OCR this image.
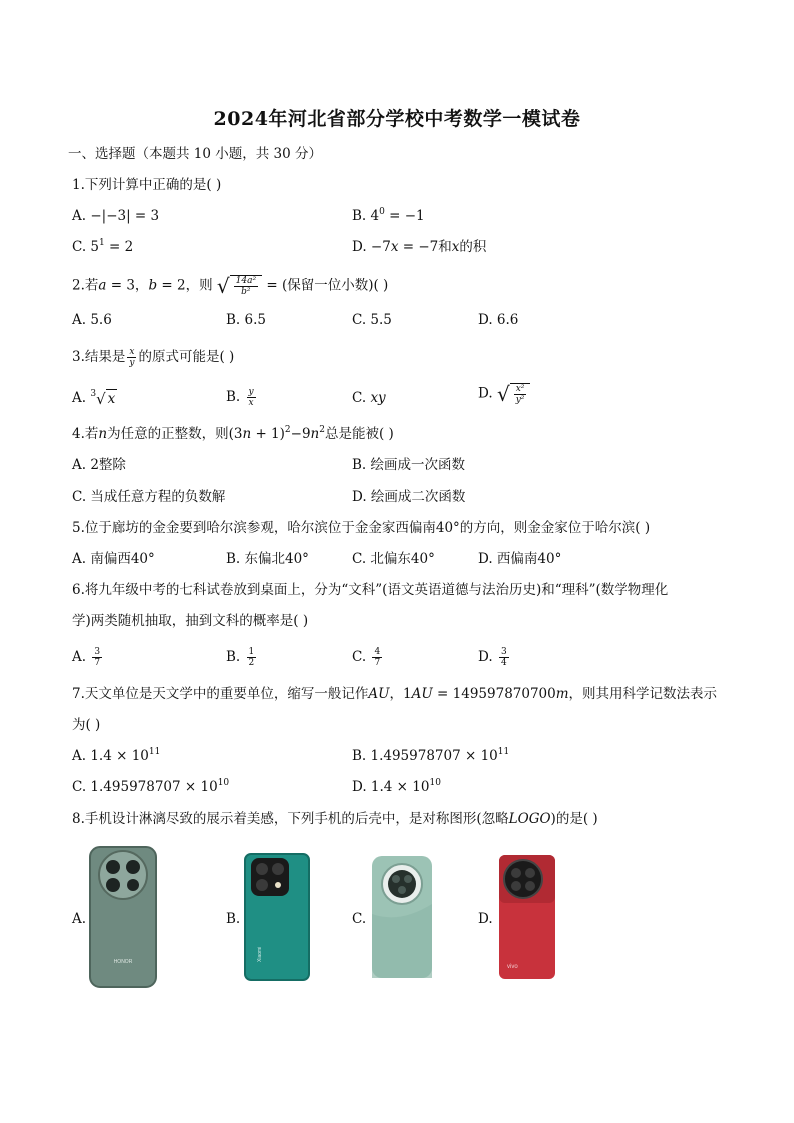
2024年河北省部分学校中考数学一模试卷
一、选择题（本题共 10 小题，共 30 分）
1.下列计算中正确的是( )
A. −|−3| = 3	B. $4^0 = -1$
C. $5^1 = 2$	D. −7x = −7和x的积
2.若a = 3，b = 2，则 √ $\frac{\text{14a²}}{\text{b²}}$ = (保留一位小数)( )
A. 5.6	B. 6.5	C. 5.5	D. 6.6
3.结果是 $\frac{x}{y}$ 的原式可能是( )
A. $^3$ √ x	B. $\frac{y}{x}$	C. xy	D. √ $\frac{\text{x²}}{\text{y²}}$
4.若n为任意的正整数，则$(3n + 1)^2-9n^2$总是能被( )
A. 2整除	B. 绘画成一次函数
C. 当成任意方程的负数解	D. 绘画成二次函数
5.位于廊坊的金金要到哈尔滨参观，哈尔滨位于金金家西偏南40°的方向，则金金家位于哈尔滨( )
A. 南偏西40°	B. 东偏北40°	C. 北偏东40°	D. 西偏南40°
6.将九年级中考的七科试卷放到桌面上，分为“文科”(语文英语道德与法治历史)和“理科”(数学物理化
学)两类随机抽取，抽到文科的概率是( )
A. $\frac{3}{7}$	B. $\frac{1}{2}$	C. $\frac{4}{7}$	D. $\frac{3}{4}$
7.天文单位是天文学中的重要单位，缩写一般记作AU，1AU = 149597870700m，则其用科学记数法表示
为( )
A. $1.4 \times 10^{11}$	B. $1.495978707 \times 10^{11}$
C. $1.495978707 \times 10^{10}$	D. $1.4 \times 10^{10}$
8.手机设计淋漓尽致的展示着美感，下列手机的后壳中，是对称图形(忽略LOGO)的是( )
A.
HONOR
B.
Xiaomi
C.	D.
vivo
